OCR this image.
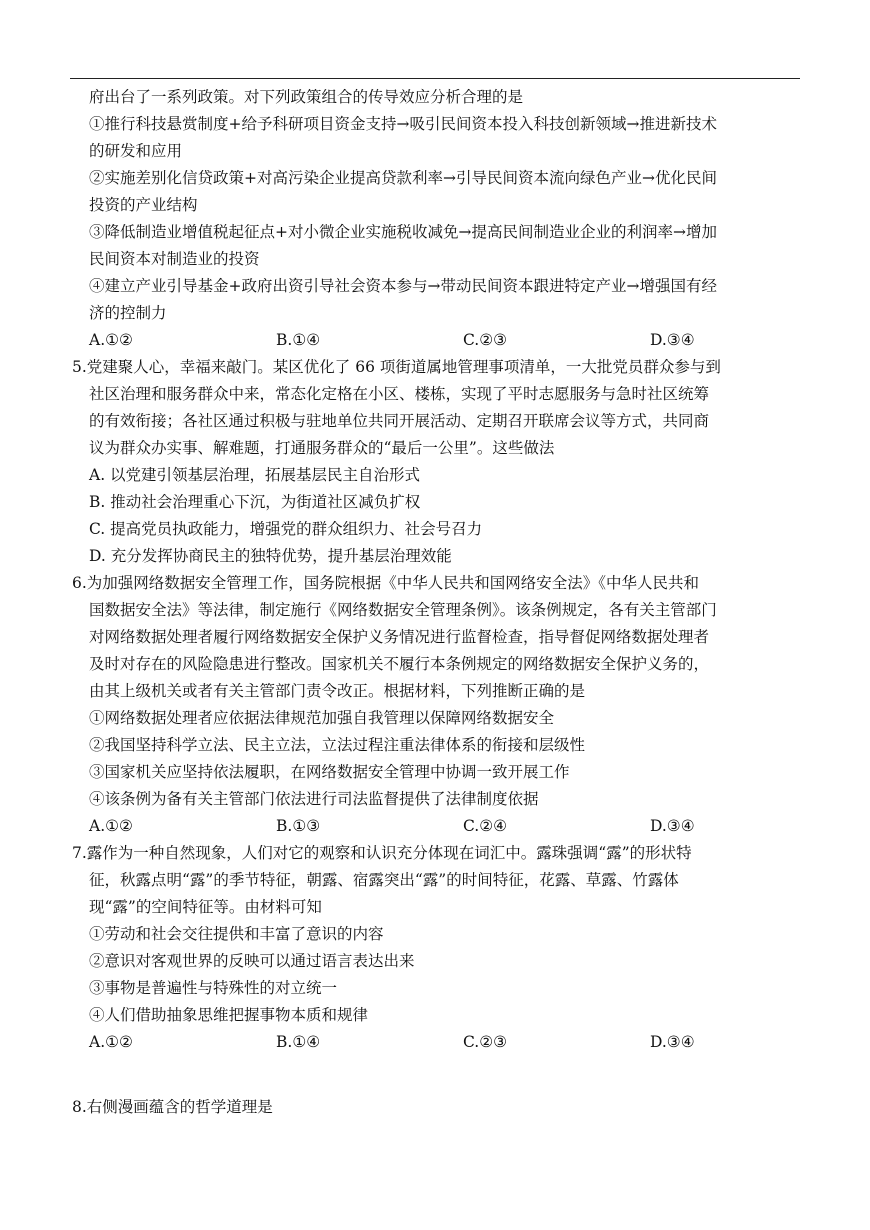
府出台了一系列政策。对下列政策组合的传导效应分析合理的是
①推行科技悬赏制度+给予科研项目资金支持→吸引民间资本投入科技创新领域→推进新技术
的研发和应用
②实施差别化信贷政策+对高污染企业提高贷款利率→引导民间资本流向绿色产业→优化民间
投资的产业结构
③降低制造业增值税起征点+对小微企业实施税收减免→提高民间制造业企业的利润率→增加
民间资本对制造业的投资
④建立产业引导基金+政府出资引导社会资本参与→带动民间资本跟进特定产业→增强国有经
济的控制力
A.①②	B.①④	C.②③	D.③④
5.党建聚人心，幸福来敲门。某区优化了 66 项街道属地管理事项清单，一大批党员群众参与到
社区治理和服务群众中来，常态化定格在小区、楼栋，实现了平时志愿服务与急时社区统筹
的有效衔接；各社区通过积极与驻地单位共同开展活动、定期召开联席会议等方式，共同商
议为群众办实事、解难题，打通服务群众的“最后一公里”。这些做法
A. 以党建引领基层治理，拓展基层民主自治形式
B. 推动社会治理重心下沉，为街道社区减负扩权
C. 提高党员执政能力，增强党的群众组织力、社会号召力
D. 充分发挥协商民主的独特优势，提升基层治理效能
6.为加强网络数据安全管理工作，国务院根据《中华人民共和国网络安全法》《中华人民共和
国数据安全法》等法律，制定施行《网络数据安全管理条例》。该条例规定，各有关主管部门
对网络数据处理者履行网络数据安全保护义务情况进行监督检查，指导督促网络数据处理者
及时对存在的风险隐患进行整改。国家机关不履行本条例规定的网络数据安全保护义务的，
由其上级机关或者有关主管部门责令改正。根据材料，下列推断正确的是
①网络数据处理者应依据法律规范加强自我管理以保障网络数据安全
②我国坚持科学立法、民主立法，立法过程注重法律体系的衔接和层级性
③国家机关应坚持依法履职，在网络数据安全管理中协调一致开展工作
④该条例为备有关主管部门依法进行司法监督提供了法律制度依据
A.①②	B.①③	C.②④	D.③④
7.露作为一种自然现象，人们对它的观察和认识充分体现在词汇中。露珠强调“露”的形状特
征，秋露点明“露”的季节特征，朝露、宿露突出“露”的时间特征，花露、草露、竹露体
现“露”的空间特征等。由材料可知
①劳动和社会交往提供和丰富了意识的内容
②意识对客观世界的反映可以通过语言表达出来
③事物是普遍性与特殊性的对立统一
④人们借助抽象思维把握事物本质和规律
A.①②	B.①④	C.②③	D.③④
8.右侧漫画蕴含的哲学道理是
